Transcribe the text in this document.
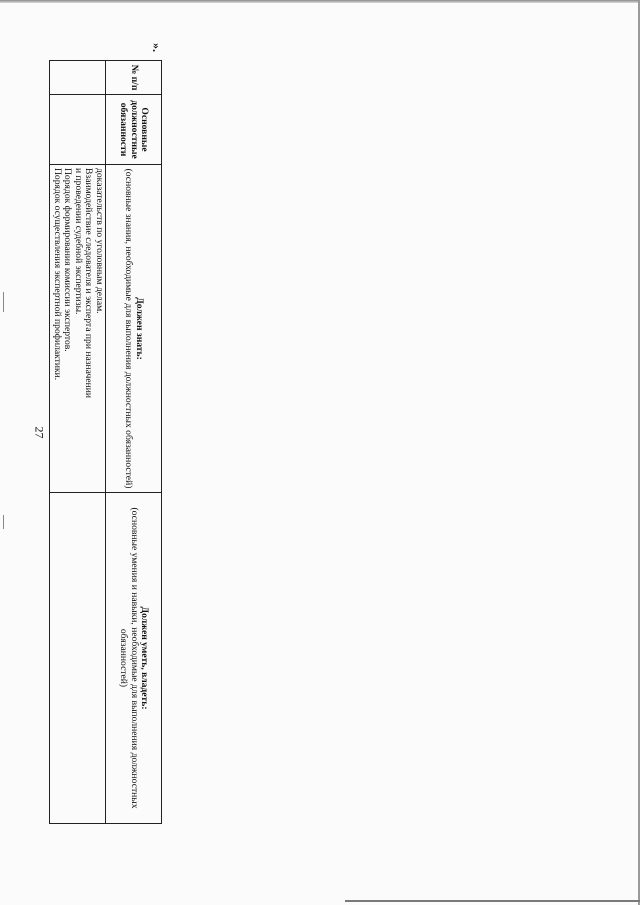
27
».
№ п/п	Основные должностные обязанности	Должен знать:
(основные знания, необходимые для выполнения должностных обязанностей)	Должен уметь, владеть:
(основные умения и навыки, необходимые для выполнения должностных обязанностей)

		доказательств по уголовным делам.
Взаимодействие следователя и эксперта при назначении
и проведении судебной экспертизы.
Порядок формирования комиссии экспертов.
Порядок осуществления экспертной профилактики.	
